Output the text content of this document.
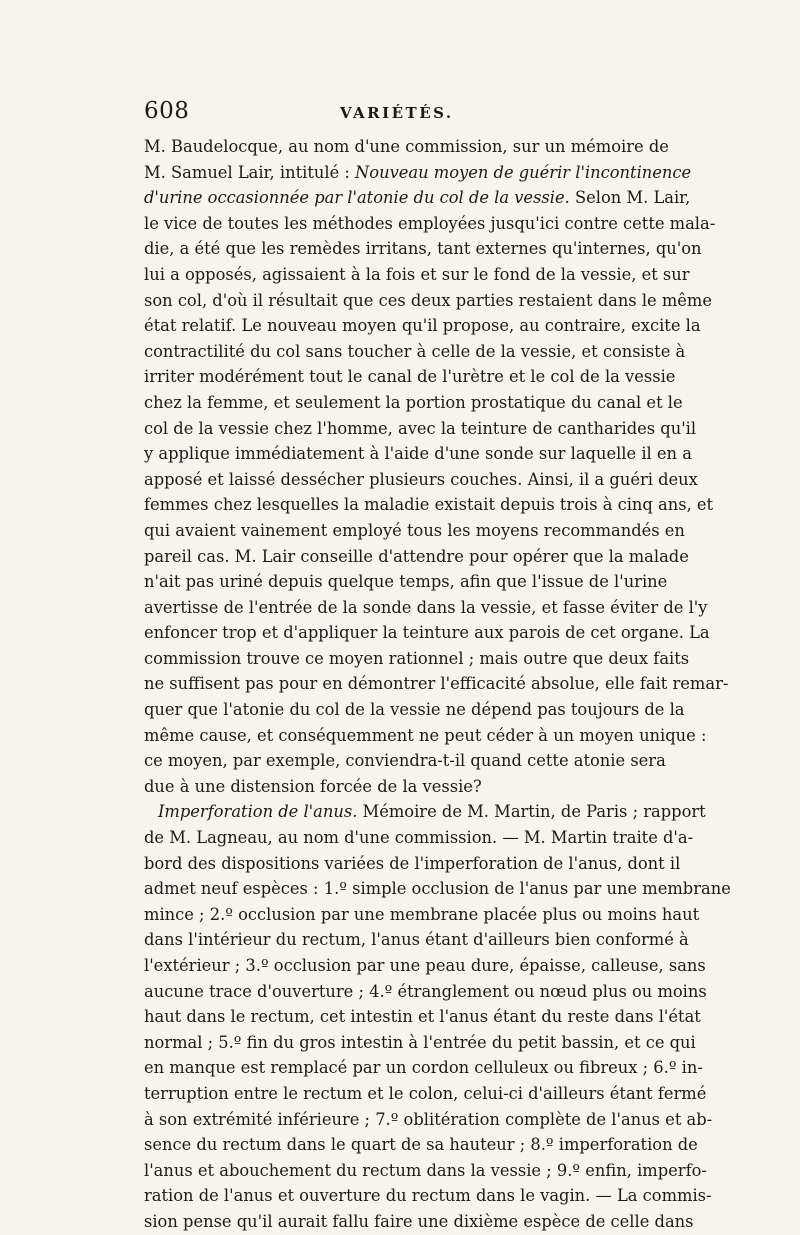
608	VARIÉTÉS.
M. Baudelocque, au nom d'une commission, sur un mémoire de
M. Samuel Lair, intitulé : Nouveau moyen de guérir l'incontinence
d'urine occasionnée par l'atonie du col de la vessie. Selon M. Lair,
le vice de toutes les méthodes employées jusqu'ici contre cette mala-
die, a été que les remèdes irritans, tant externes qu'internes, qu'on
lui a opposés, agissaient à la fois et sur le fond de la vessie, et sur
son col, d'où il résultait que ces deux parties restaient dans le même
état relatif. Le nouveau moyen qu'il propose, au contraire, excite la
contractilité du col sans toucher à celle de la vessie, et consiste à
irriter modérément tout le canal de l'urètre et le col de la vessie
chez la femme, et seulement la portion prostatique du canal et le
col de la vessie chez l'homme, avec la teinture de cantharides qu'il
y applique immédiatement à l'aide d'une sonde sur laquelle il en a
apposé et laissé dessécher plusieurs couches. Ainsi, il a guéri deux
femmes chez lesquelles la maladie existait depuis trois à cinq ans, et
qui avaient vainement employé tous les moyens recommandés en
pareil cas. M. Lair conseille d'attendre pour opérer que la malade
n'ait pas uriné depuis quelque temps, afin que l'issue de l'urine
avertisse de l'entrée de la sonde dans la vessie, et fasse éviter de l'y
enfoncer trop et d'appliquer la teinture aux parois de cet organe. La
commission trouve ce moyen rationnel ; mais outre que deux faits
ne suffisent pas pour en démontrer l'efficacité absolue, elle fait remar-
quer que l'atonie du col de la vessie ne dépend pas toujours de la
même cause, et conséquemment ne peut céder à un moyen unique :
ce moyen, par exemple, conviendra-t-il quand cette atonie sera
due à une distension forcée de la vessie?
Imperforation de l'anus. Mémoire de M. Martin, de Paris ; rapport
de M. Lagneau, au nom d'une commission. — M. Martin traite d'a-
bord des dispositions variées de l'imperforation de l'anus, dont il
admet neuf espèces : 1.º simple occlusion de l'anus par une membrane
mince ; 2.º occlusion par une membrane placée plus ou moins haut
dans l'intérieur du rectum, l'anus étant d'ailleurs bien conformé à
l'extérieur ; 3.º occlusion par une peau dure, épaisse, calleuse, sans
aucune trace d'ouverture ; 4.º étranglement ou nœud plus ou moins
haut dans le rectum, cet intestin et l'anus étant du reste dans l'état
normal ; 5.º fin du gros intestin à l'entrée du petit bassin, et ce qui
en manque est remplacé par un cordon celluleux ou fibreux ; 6.º in-
terruption entre le rectum et le colon, celui-ci d'ailleurs étant fermé
à son extrémité inférieure ; 7.º oblitération complète de l'anus et ab-
sence du rectum dans le quart de sa hauteur ; 8.º imperforation de
l'anus et abouchement du rectum dans la vessie ; 9.º enfin, imperfo-
ration de l'anus et ouverture du rectum dans le vagin. — La commis-
sion pense qu'il aurait fallu faire une dixième espèce de celle dans
